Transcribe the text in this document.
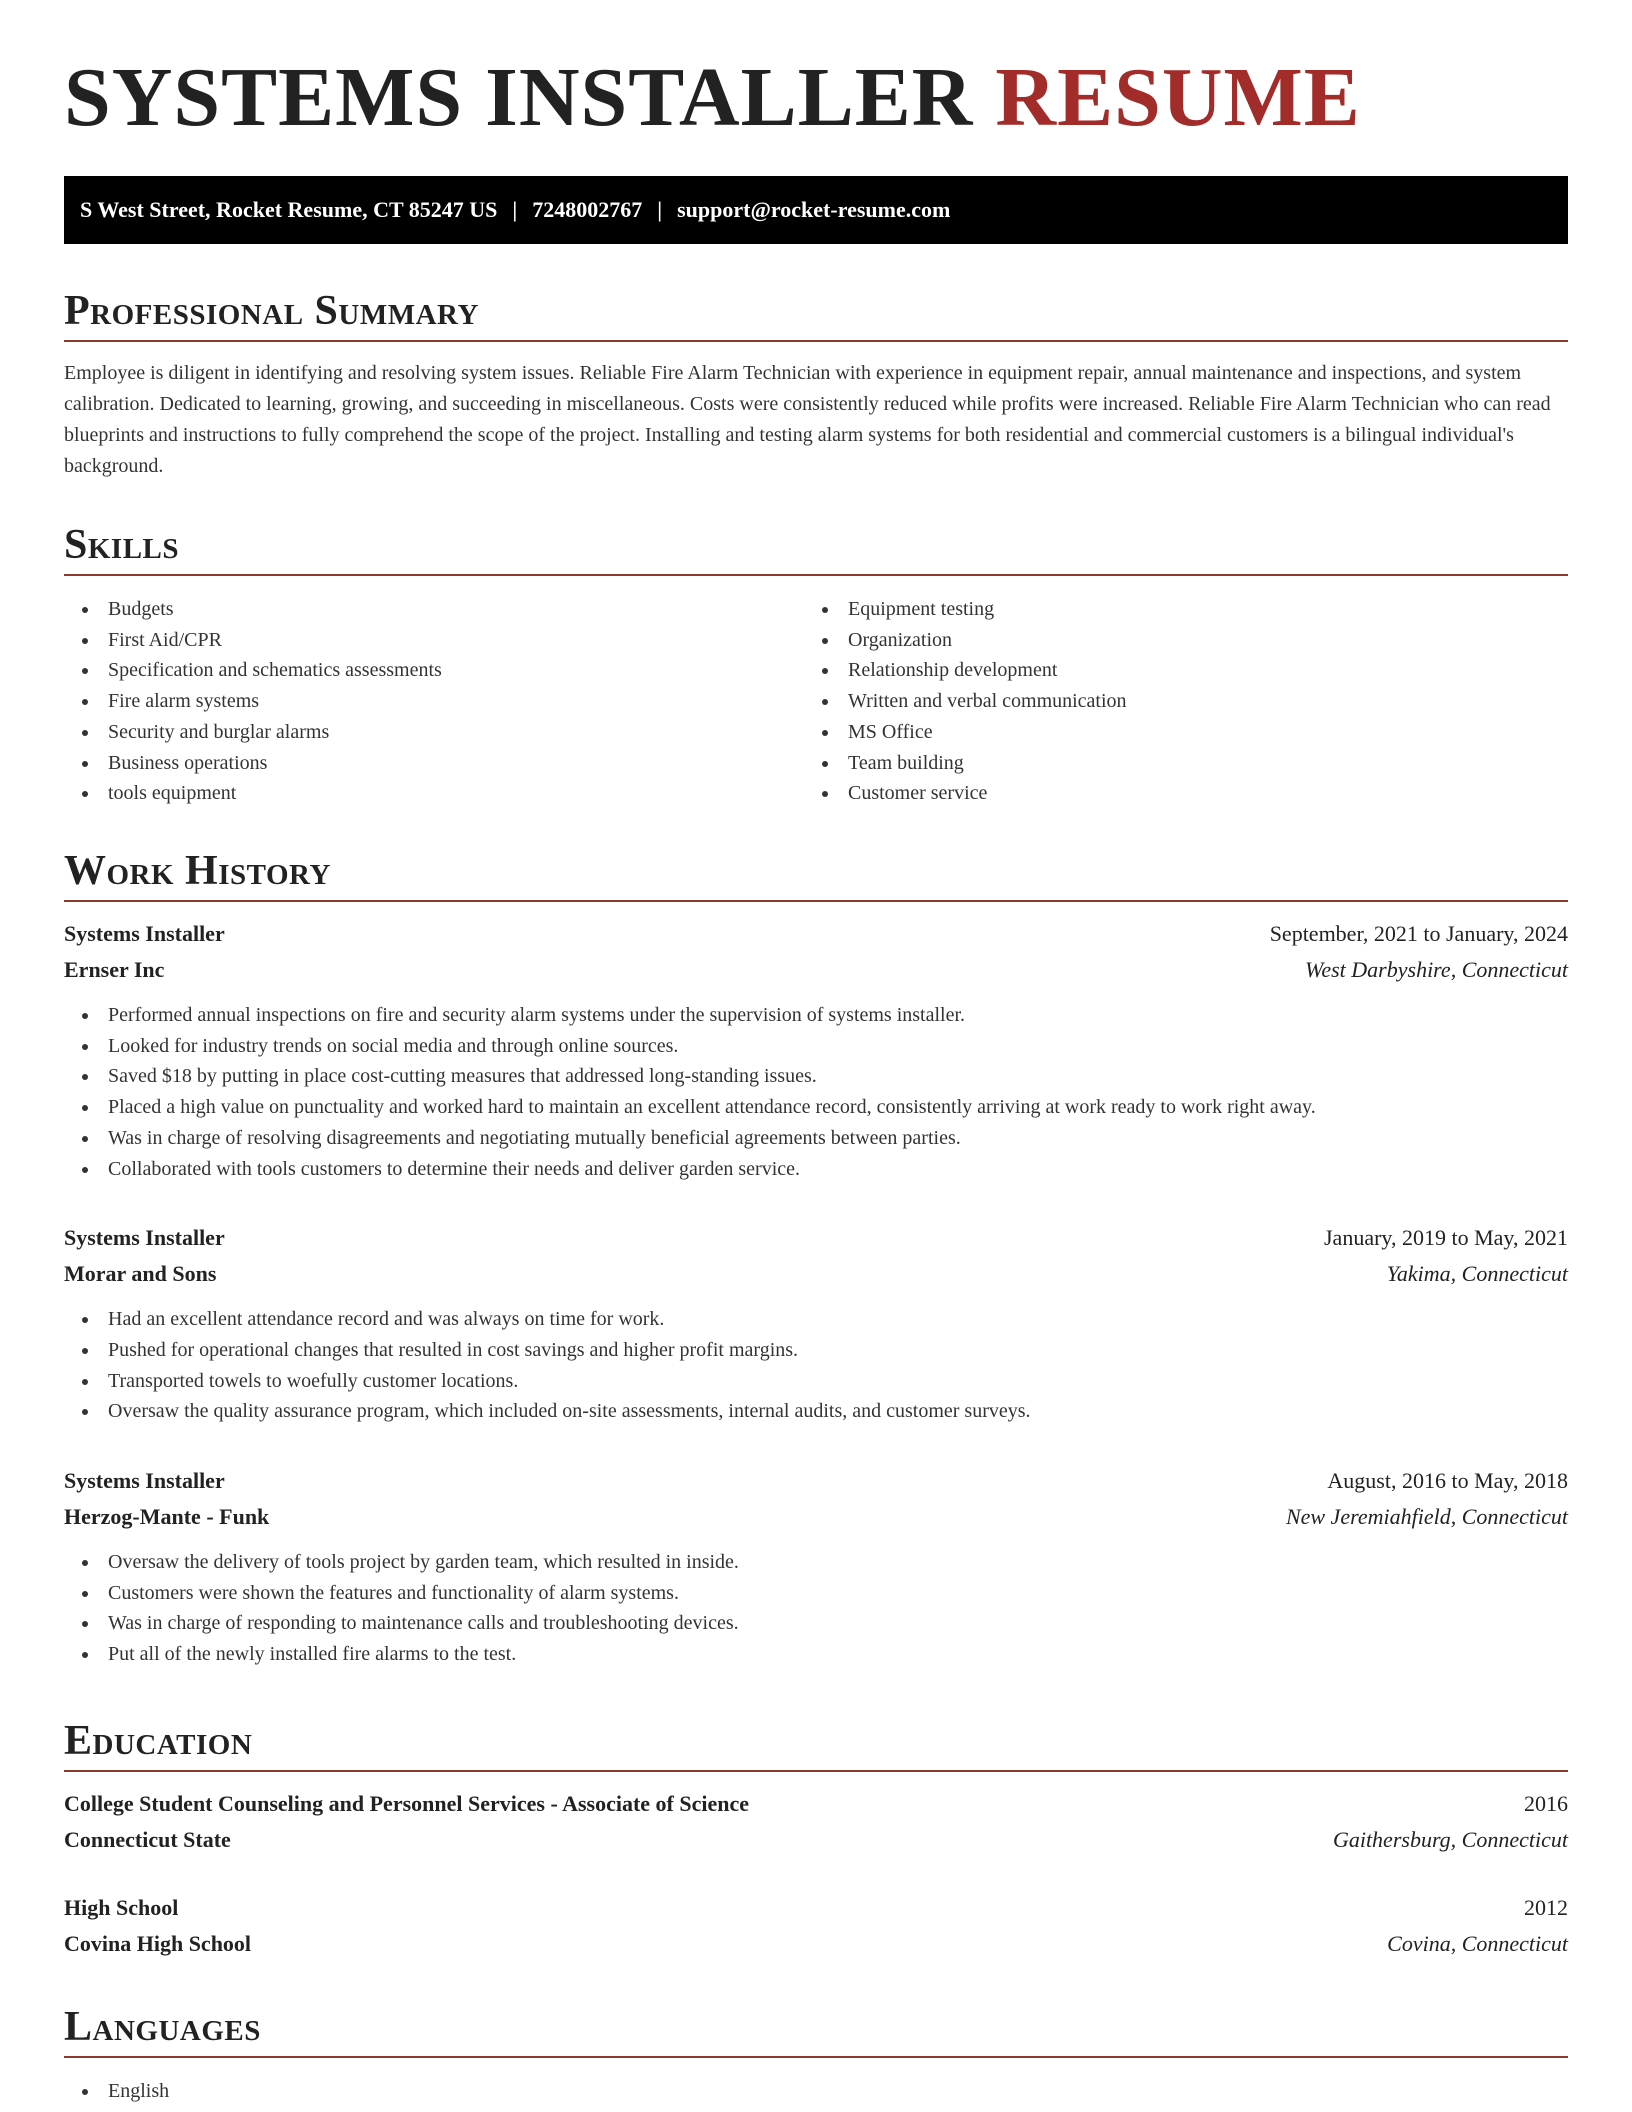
SYSTEMS INSTALLER RESUME
S West Street, Rocket Resume, CT 85247 US | 7248002767 | support@rocket-resume.com
Professional Summary

Employee is diligent in identifying and resolving system issues. Reliable Fire Alarm Technician with experience in equipment repair, annual maintenance and inspections, and system calibration. Dedicated to learning, growing, and succeeding in miscellaneous. Costs were consistently reduced while profits were increased. Reliable Fire Alarm Technician who can read blueprints and instructions to fully comprehend the scope of the project. Installing and testing alarm systems for both residential and commercial customers is a bilingual individual's background.

Skills
Budgets
First Aid/CPR
Specification and schematics assessments
Fire alarm systems
Security and burglar alarms
Business operations
tools equipment
Equipment testing
Organization
Relationship development
Written and verbal communication
MS Office
Team building
Customer service
Work History
Systems Installer	September, 2021 to January, 2024
Ernser Inc	West Darbyshire, Connecticut
Performed annual inspections on fire and security alarm systems under the supervision of systems installer.
Looked for industry trends on social media and through online sources.
Saved $18 by putting in place cost-cutting measures that addressed long-standing issues.
Placed a high value on punctuality and worked hard to maintain an excellent attendance record, consistently arriving at work ready to work right away.
Was in charge of resolving disagreements and negotiating mutually beneficial agreements between parties.
Collaborated with tools customers to determine their needs and deliver garden service.
Systems Installer	January, 2019 to May, 2021
Morar and Sons	Yakima, Connecticut
Had an excellent attendance record and was always on time for work.
Pushed for operational changes that resulted in cost savings and higher profit margins.
Transported towels to woefully customer locations.
Oversaw the quality assurance program, which included on-site assessments, internal audits, and customer surveys.
Systems Installer	August, 2016 to May, 2018
Herzog-Mante - Funk	New Jeremiahfield, Connecticut
Oversaw the delivery of tools project by garden team, which resulted in inside.
Customers were shown the features and functionality of alarm systems.
Was in charge of responding to maintenance calls and troubleshooting devices.
Put all of the newly installed fire alarms to the test.
Education
College Student Counseling and Personnel Services - Associate of Science	2016
Connecticut State	Gaithersburg, Connecticut
High School	2012
Covina High School	Covina, Connecticut
Languages
English
